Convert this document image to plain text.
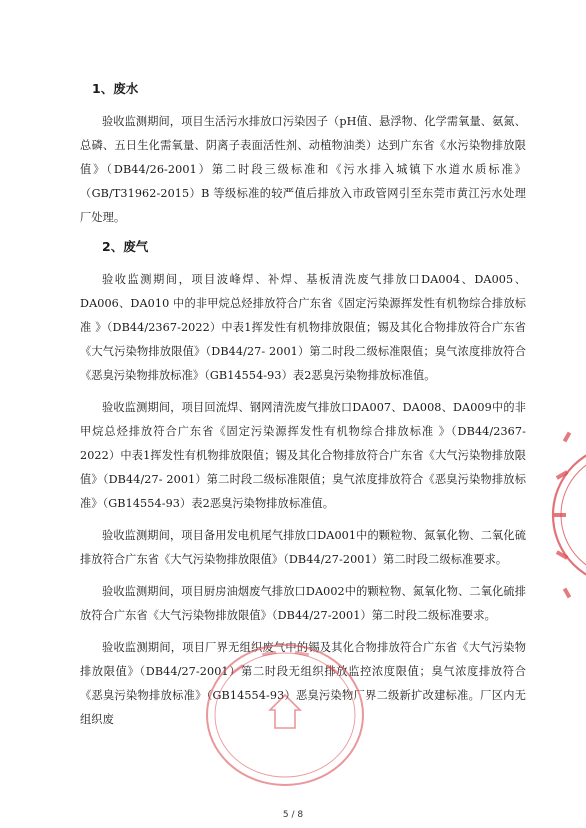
1、废水

验收监测期间，项目生活污水排放口污染因子（pH值、悬浮物、化学需氧量、氨氮、总磷、五日生化需氧量、阴离子表面活性剂、动植物油类）达到广东省《水污染物排放限值》（DB44/26-2001）第二时段三级标准和《污水排入城镇下水道水质标准》（GB/T31962-2015）B 等级标准的较严值后排放入市政管网引至东莞市黄江污水处理厂处理。

2、废气

验收监测期间，项目波峰焊、补焊、基板清洗废气排放口DA004、DA005、DA006、DA010 中的非甲烷总烃排放符合广东省《固定污染源挥发性有机物综合排放标准 》（DB44/2367-2022）中表1挥发性有机物排放限值；锡及其化合物排放符合广东省《大气污染物排放限值》（DB44/27- 2001）第二时段二级标准限值；臭气浓度排放符合《恶臭污染物排放标准》（GB14554-93）表2恶臭污染物排放标准值。

验收监测期间，项目回流焊、钢网清洗废气排放口DA007、DA008、DA009中的非甲烷总烃排放符合广东省《固定污染源挥发性有机物综合排放标准 》（DB44/2367-2022）中表1挥发性有机物排放限值；锡及其化合物排放符合广东省《大气污染物排放限值》（DB44/27- 2001）第二时段二级标准限值；臭气浓度排放符合《恶臭污染物排放标准》（GB14554-93）表2恶臭污染物排放标准值。

验收监测期间，项目备用发电机尾气排放口DA001中的颗粒物、氮氧化物、二氧化硫排放符合广东省《大气污染物排放限值》（DB44/27-2001）第二时段二级标准要求。

验收监测期间，项目厨房油烟废气排放口DA002中的颗粒物、氮氧化物、二氧化硫排放符合广东省《大气污染物排放限值》（DB44/27-2001）第二时段二级标准要求。

验收监测期间，项目厂界无组织废气中的锡及其化合物排放符合广东省《大气污染物排放限值》（DB44/27-2001）第二时段无组织排放监控浓度限值；臭气浓度排放符合《恶臭污染物排放标准》（GB14554-93）恶臭污染物厂界二级新扩改建标准。厂区内无组织废

5 / 8
